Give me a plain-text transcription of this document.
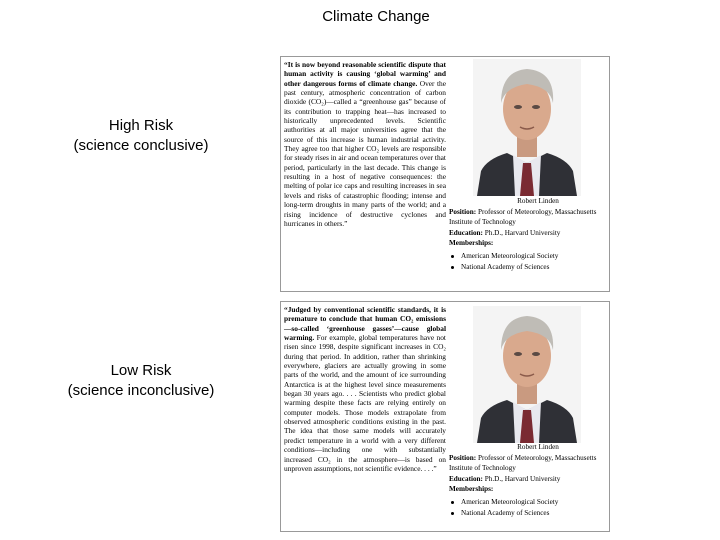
Climate Change
High Risk
(science conclusive)
Low Risk
(science inconclusive)
“It is now beyond reasonable scientific dispute that human activity is causing ‘global warming’ and other dangerous forms of climate change. Over the past century, atmospheric concentration of carbon dioxide (CO₂)—called a “greenhouse gas” because of its contribution to trapping heat—has increased to historically unprecedented levels. Scientific authorities at all major universities agree that the source of this increase is human industrial activity. They agree too that higher CO₂ levels are responsible for steady rises in air and ocean temperatures over that period, particularly in the last decade. This change is resulting in a host of negative consequences: the melting of polar ice caps and resulting increases in sea levels and risks of catastrophic flooding; intense and long-term droughts in many parts of the world; and a rising incidence of destructive cyclones and hurricanes in others.”
Robert Linden
Position: Professor of Meteorology, Massachusetts Institute of Technology
Education: Ph.D., Harvard University
Memberships:
American Meteorological Society
National Academy of Sciences
“Judged by conventional scientific standards, it is premature to conclude that human CO₂ emissions—so-called ‘greenhouse gasses’—cause global warming. For example, global temperatures have not risen since 1998, despite significant increases in CO₂ during that period. In addition, rather than shrinking everywhere, glaciers are actually growing in some parts of the world, and the amount of ice surrounding Antarctica is at the highest level since measurements began 30 years ago. . . . Scientists who predict global warming despite these facts are relying entirely on computer models. Those models extrapolate from observed atmospheric conditions existing in the past. The idea that those same models will accurately predict temperature in a world with a very different conditions—including one with substantially increased CO₂ in the atmosphere—is based on unproven assumptions, not scientific evidence. . . .”
Robert Linden
Position: Professor of Meteorology, Massachusetts Institute of Technology
Education: Ph.D., Harvard University
Memberships:
American Meteorological Society
National Academy of Sciences
